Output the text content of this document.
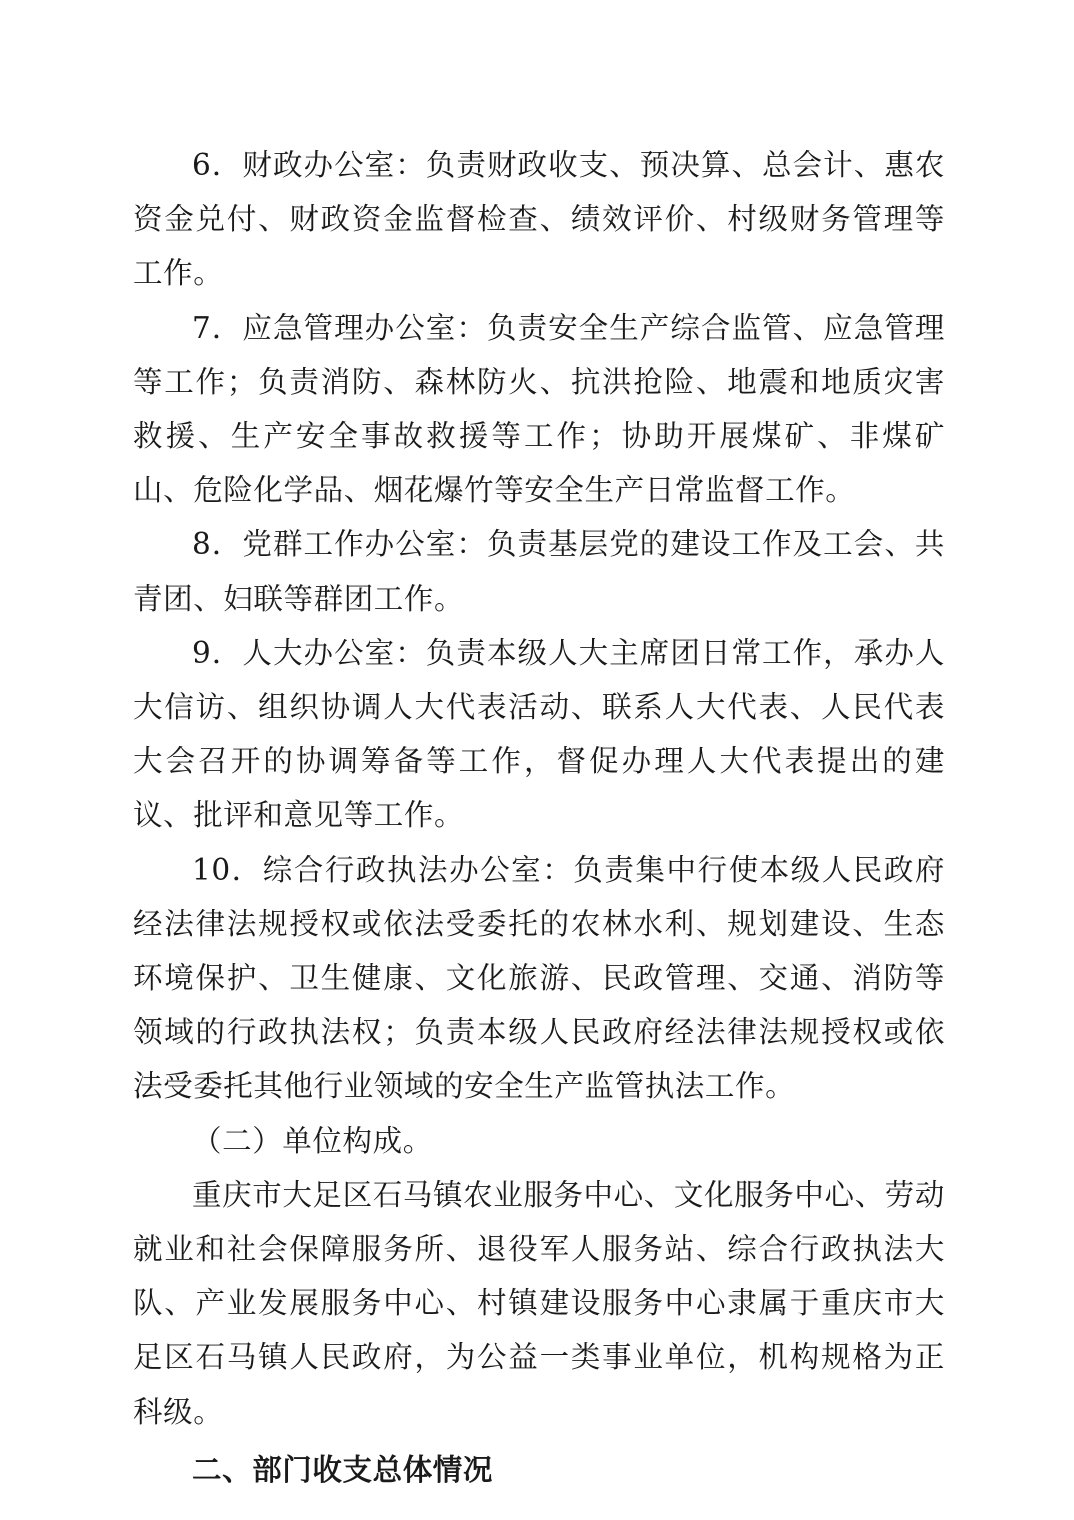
6．财政办公室：负责财政收支、预决算、总会计、惠农资金兑付、财政资金监督检查、绩效评价、村级财务管理等工作。

7．应急管理办公室：负责安全生产综合监管、应急管理等工作；负责消防、森林防火、抗洪抢险、地震和地质灾害救援、生产安全事故救援等工作；协助开展煤矿、非煤矿山、危险化学品、烟花爆竹等安全生产日常监督工作。

8．党群工作办公室：负责基层党的建设工作及工会、共青团、妇联等群团工作。

9．人大办公室：负责本级人大主席团日常工作，承办人大信访、组织协调人大代表活动、联系人大代表、人民代表大会召开的协调筹备等工作，督促办理人大代表提出的建议、批评和意见等工作。

10．综合行政执法办公室：负责集中行使本级人民政府经法律法规授权或依法受委托的农林水利、规划建设、生态环境保护、卫生健康、文化旅游、民政管理、交通、消防等领域的行政执法权；负责本级人民政府经法律法规授权或依法受委托其他行业领域的安全生产监管执法工作。

（二）单位构成。

重庆市大足区石马镇农业服务中心、文化服务中心、劳动就业和社会保障服务所、退役军人服务站、综合行政执法大队、产业发展服务中心、村镇建设服务中心隶属于重庆市大足区石马镇人民政府，为公益一类事业单位，机构规格为正科级。

二、部门收支总体情况
